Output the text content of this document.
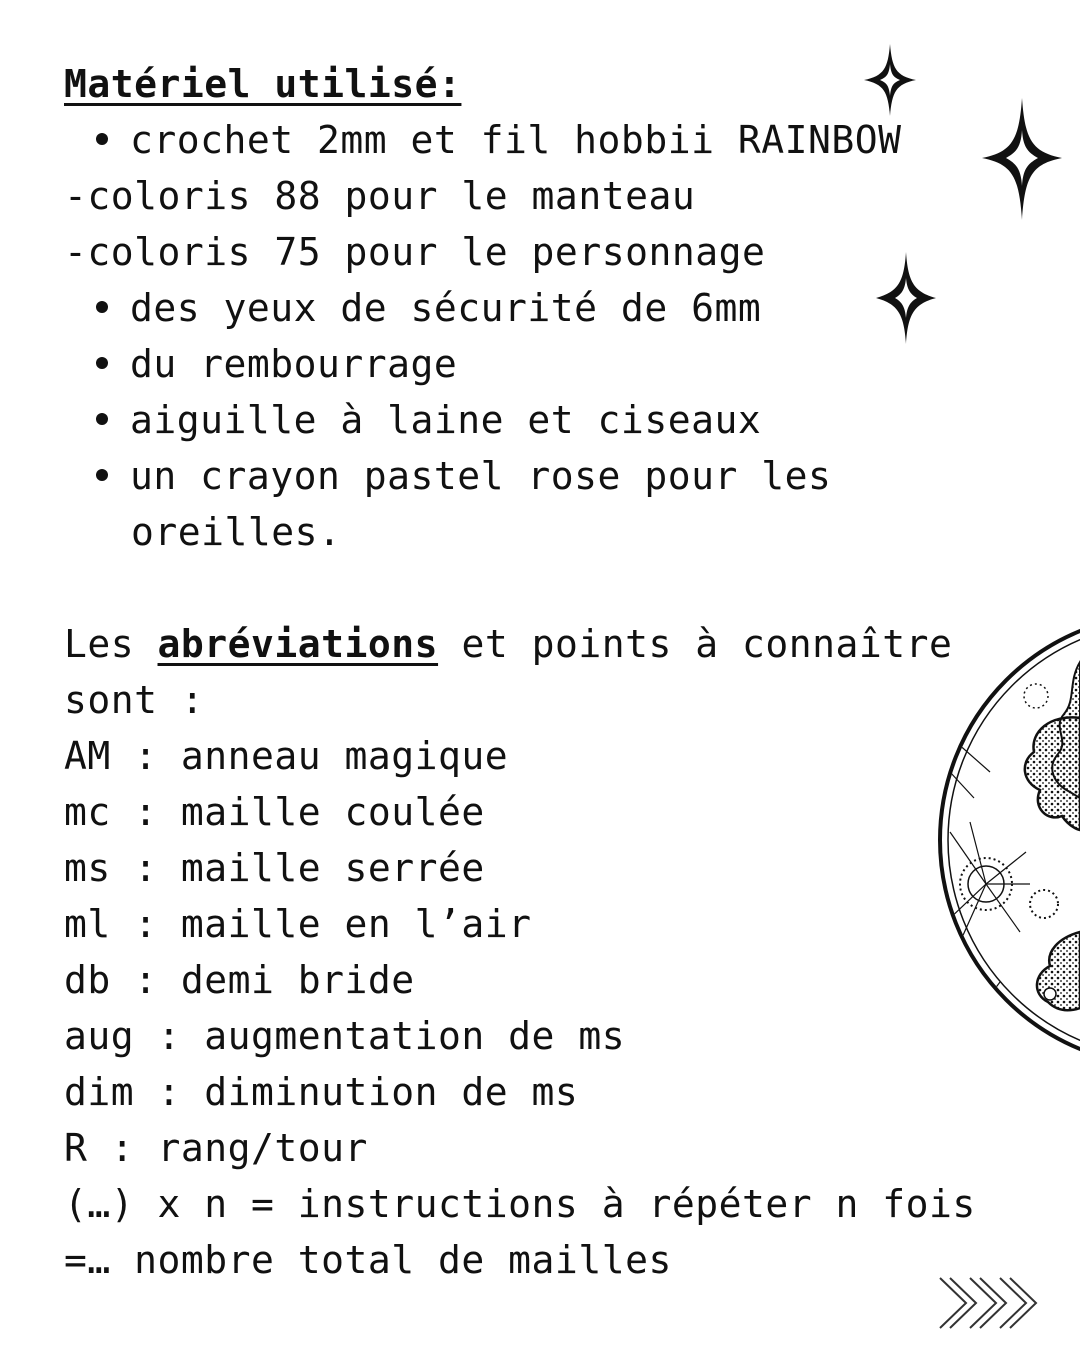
Matériel utilisé:

crochet 2mm et fil hobbii RAINBOW

-coloris 88 pour le manteau

-coloris 75 pour le personnage

des yeux de sécurité de 6mm

du rembourrage

aiguille à laine et ciseaux

un crayon pastel rose pour les

oreilles.

Les abréviations et points à connaître

sont :

AM : anneau magique

mc : maille coulée

ms : maille serrée

ml : maille en l’air

db : demi bride

aug : augmentation de ms

dim : diminution de ms

R : rang/tour

(…) x n = instructions à répéter n fois

=… nombre total de mailles
